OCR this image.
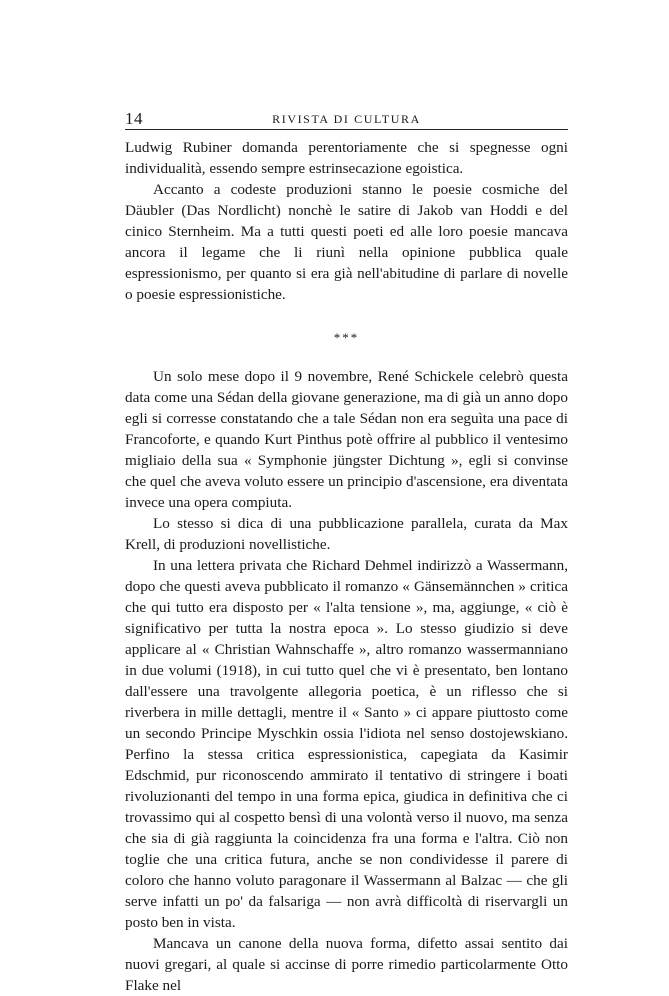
14	RIVISTA DI CULTURA

Ludwig Rubiner domanda perentoriamente che si spegnesse ogni individualità, essendo sempre estrinsecazione egoistica.

Accanto a codeste produzioni stanno le poesie cosmiche del Däubler (Das Nordlicht) nonchè le satire di Jakob van Hoddi e del cinico Sternheim. Ma a tutti questi poeti ed alle loro poesie mancava ancora il legame che li riunì nella opinione pubblica quale espressionismo, per quanto si era già nell'abitudine di parlare di novelle o poesie espressionistiche.

***

Un solo mese dopo il 9 novembre, René Schickele celebrò questa data come una Sédan della giovane generazione, ma di già un anno dopo egli si corresse constatando che a tale Sédan non era seguìta una pace di Francoforte, e quando Kurt Pinthus potè offrire al pubblico il ventesimo migliaio della sua « Symphonie jüngster Dichtung », egli si convinse che quel che aveva voluto essere un principio d'ascensione, era diventata invece una opera compiuta.

Lo stesso si dica di una pubblicazione parallela, curata da Max Krell, di produzioni novellistiche.

In una lettera privata che Richard Dehmel indirizzò a Wassermann, dopo che questi aveva pubblicato il romanzo « Gänsemännchen » critica che qui tutto era disposto per « l'alta tensione », ma, aggiunge, « ciò è significativo per tutta la nostra epoca ». Lo stesso giudizio si deve applicare al « Christian Wahnschaffe », altro romanzo wassermanniano in due volumi (1918), in cui tutto quel che vi è presentato, ben lontano dall'essere una travolgente allegoria poetica, è un riflesso che si riverbera in mille dettagli, mentre il « Santo » ci appare piuttosto come un secondo Principe Myschkin ossia l'idiota nel senso dostojewskiano. Perfino la stessa critica espressionistica, capegiata da Kasimir Edschmid, pur riconoscendo ammirato il tentativo di stringere i boati rivoluzionanti del tempo in una forma epica, giudica in definitiva che ci trovassimo qui al cospetto bensì di una volontà verso il nuovo, ma senza che sia di già raggiunta la coincidenza fra una forma e l'altra. Ciò non toglie che una critica futura, anche se non condividesse il parere di coloro che hanno voluto paragonare il Wassermann al Balzac — che gli serve infatti un po' da falsariga — non avrà difficoltà di riservargli un posto ben in vista.

Mancava un canone della nuova forma, difetto assai sentito dai nuovi gregari, al quale si accinse di porre rimedio particolarmente Otto Flake nel
